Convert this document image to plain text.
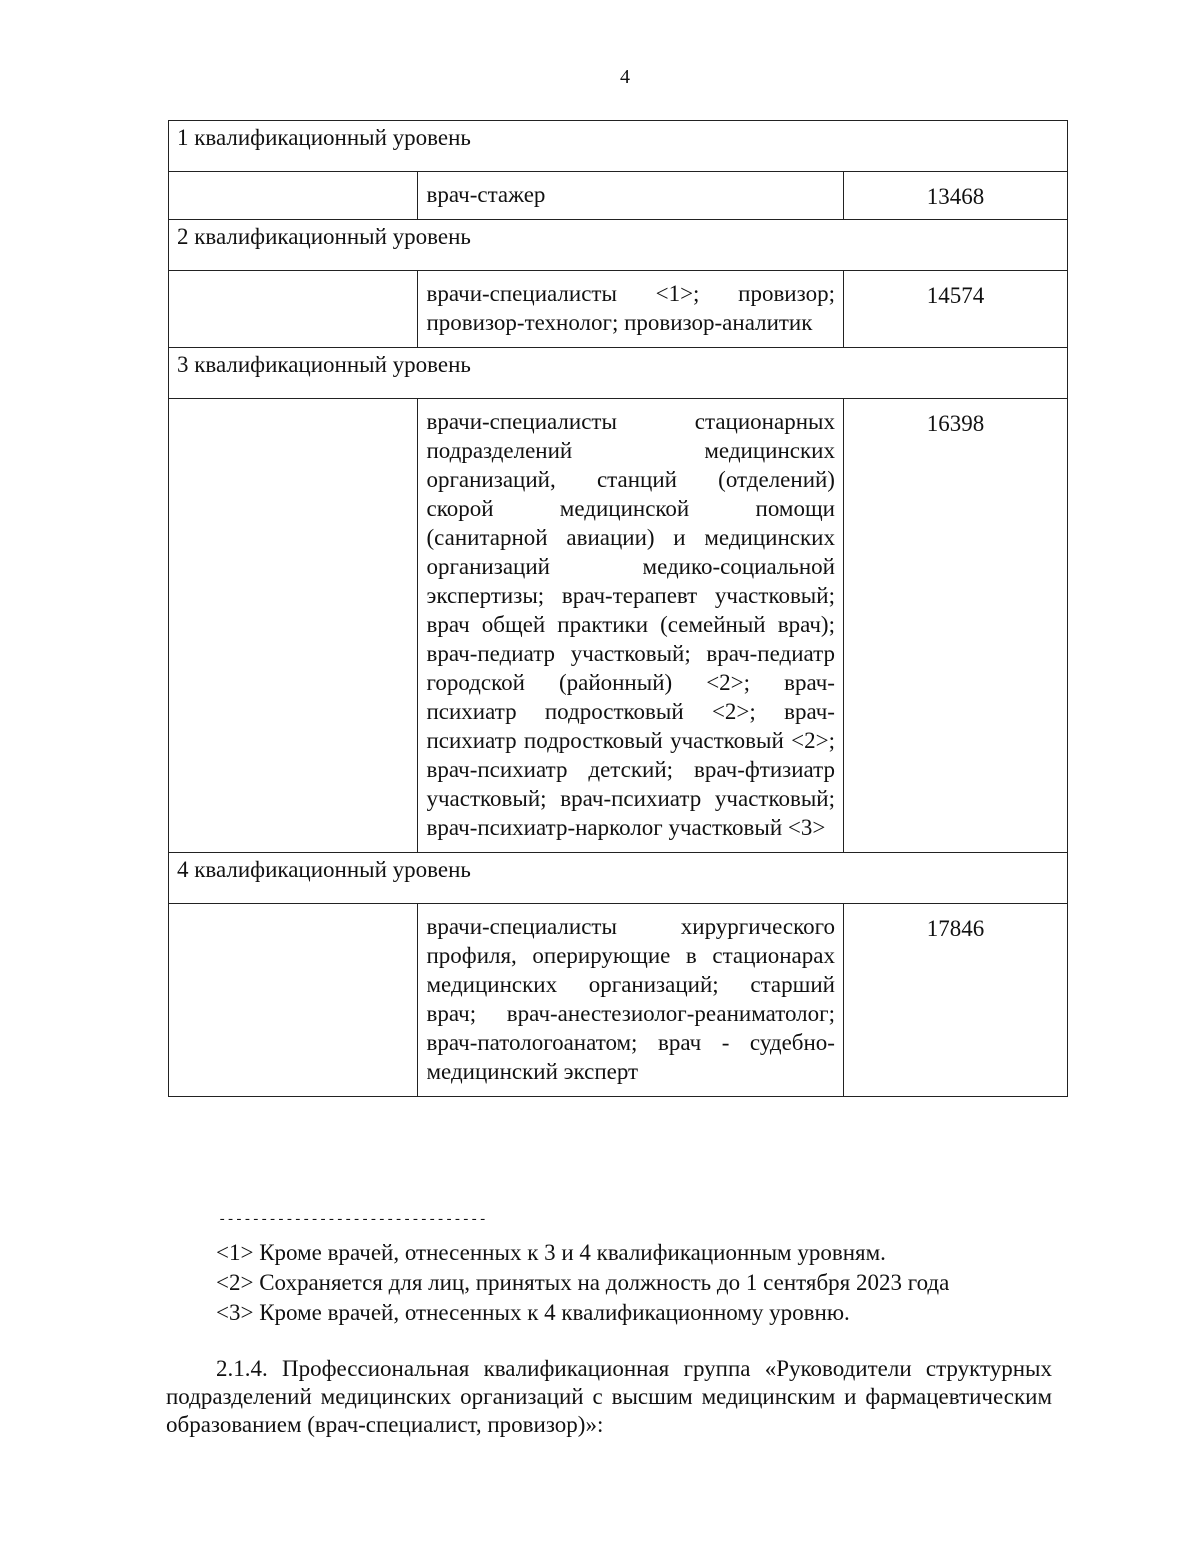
4
1 квалификационный уровень		
	врач-стажер	13468
2 квалификационный уровень		
	врачи-специалисты <1>; провизор; провизор-технолог; провизор-аналитик	14574
3 квалификационный уровень		
	врачи-специалисты стационарных подразделений медицинских организаций, станций (отделений) скорой медицинской помощи (санитарной авиации) и медицинских организаций медико-социальной экспертизы; врач-терапевт участковый; врач общей практики (семейный врач); врач-педиатр участковый; врач-педиатр городской (районный) <2>; врач-психиатр подростковый <2>; врач-психиатр подростковый участковый <2>; врач-психиатр детский; врач-фтизиатр участковый; врач-психиатр участковый; врач-психиатр-нарколог участковый <3>	16398
4 квалификационный уровень		
	врачи-специалисты хирургического профиля, оперирующие в стационарах медицинских организаций; старший врач; врач-анестезиолог-реаниматолог; врач-патологоанатом; врач - судебно-медицинский эксперт	17846
--------------------------------
<1> Кроме врачей, отнесенных к 3 и 4 квалификационным уровням.
<2> Сохраняется для лиц, принятых на должность до 1 сентября 2023 года
<3> Кроме врачей, отнесенных к 4 квалификационному уровню.
2.1.4. Профессиональная квалификационная группа «Руководители структурных подразделений медицинских организаций с высшим медицинским и фармацевтическим образованием (врач-специалист, провизор)»:
